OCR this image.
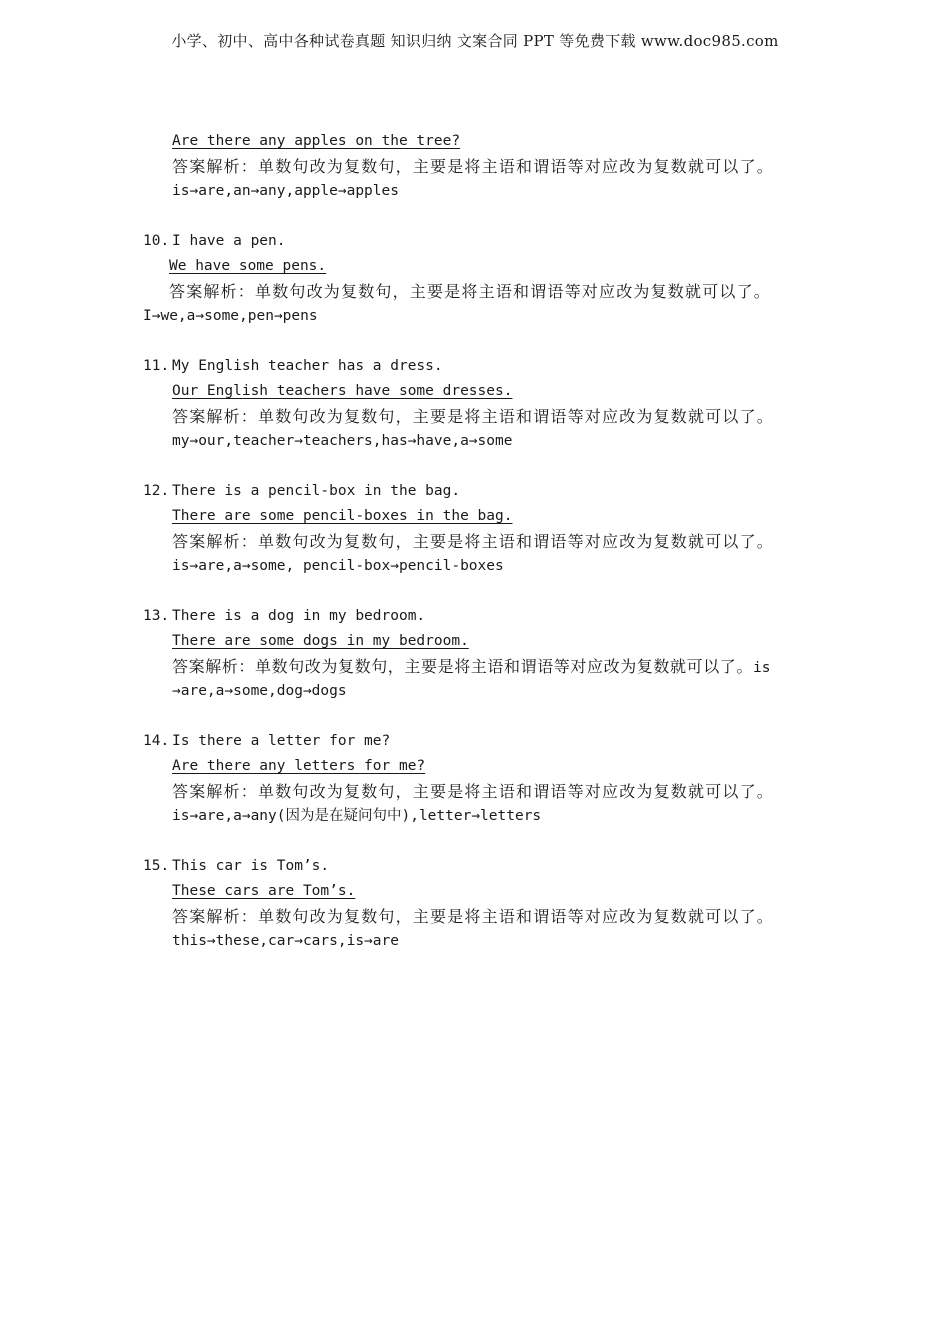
小学、初中、高中各种试卷真题 知识归纳 文案合同 PPT 等免费下载 www.doc985.com
Are there any apples on the tree?
答案解析：单数句改为复数句，主要是将主语和谓语等对应改为复数就可以了。
is→are,an→any,apple→apples
10. I have a pen.
We have some pens.
答案解析：单数句改为复数句，主要是将主语和谓语等对应改为复数就可以了。
I→we,a→some,pen→pens
11. My English teacher has a dress.
Our English teachers have some dresses.
答案解析：单数句改为复数句，主要是将主语和谓语等对应改为复数就可以了。
my→our,teacher→teachers,has→have,a→some
12. There is a pencil-box in the bag.
There are some pencil-boxes in the bag.
答案解析：单数句改为复数句，主要是将主语和谓语等对应改为复数就可以了。
is→are,a→some, pencil-box→pencil-boxes
13. There is a dog in my bedroom.
There are some dogs in my bedroom.
答案解析：单数句改为复数句，主要是将主语和谓语等对应改为复数就可以了。is
→are,a→some,dog→dogs
14. Is there a letter for me?
Are there any letters for me?
答案解析：单数句改为复数句，主要是将主语和谓语等对应改为复数就可以了。
is→are,a→any(因为是在疑问句中),letter→letters
15. This car is Tom’s.
These cars are Tom’s.
答案解析：单数句改为复数句，主要是将主语和谓语等对应改为复数就可以了。
this→these,car→cars,is→are
